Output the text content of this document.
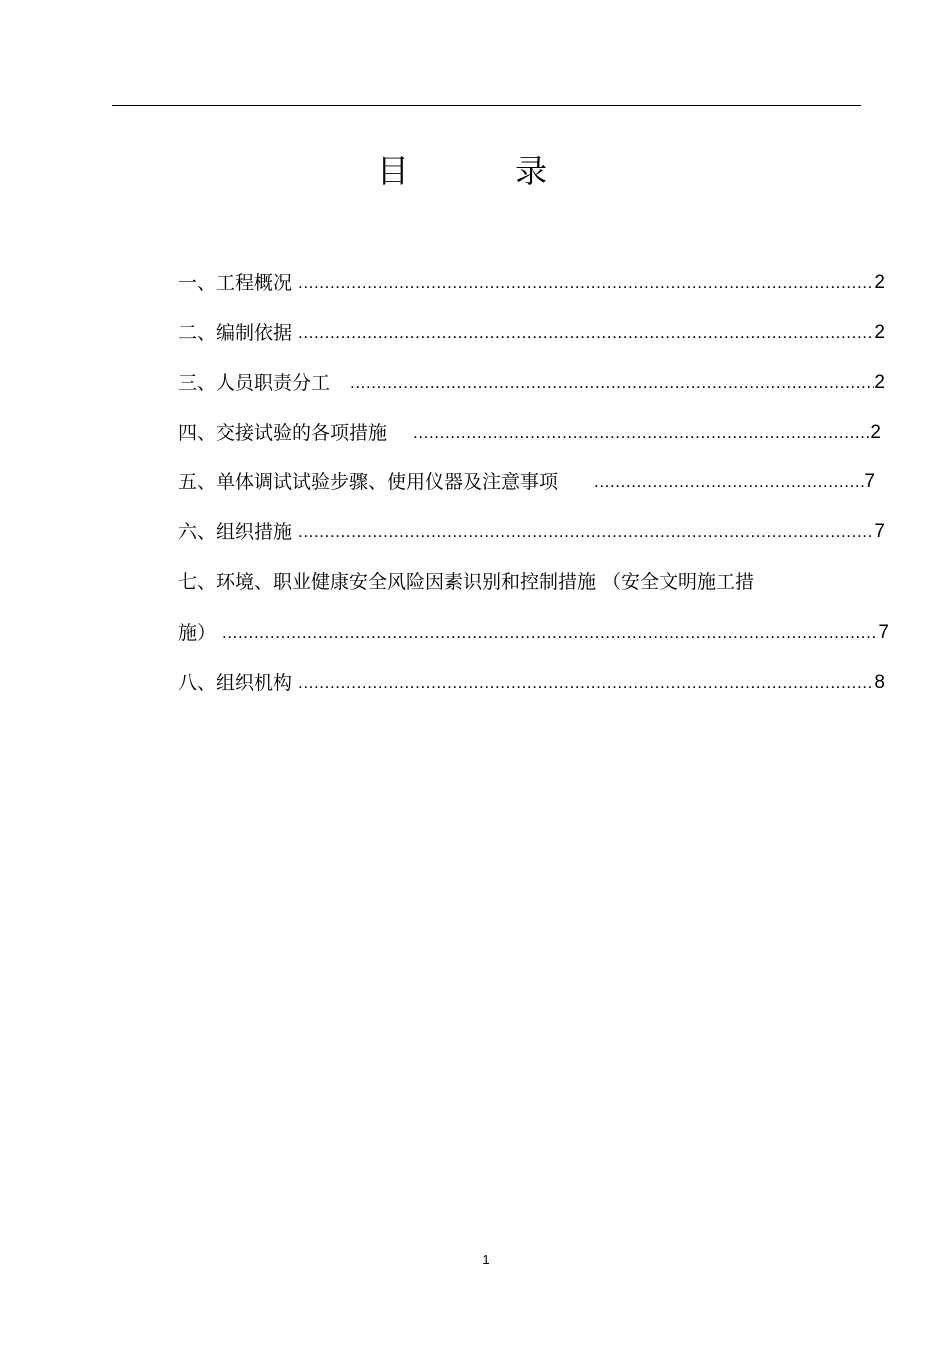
目 录
一、工程概况 .....	2
二、编制依据 .....	2
三、人员职责分工 .....	2
四、交接试验的各项措施 .....	2
五、单体调试试验步骤、使用仪器及注意事项 .....	7
六、组织措施 .....	7
七、环境、职业健康安全风险因素识别和控制措施 （安全文明施工措
施） .....	7
八、组织机构 .....	8
1
